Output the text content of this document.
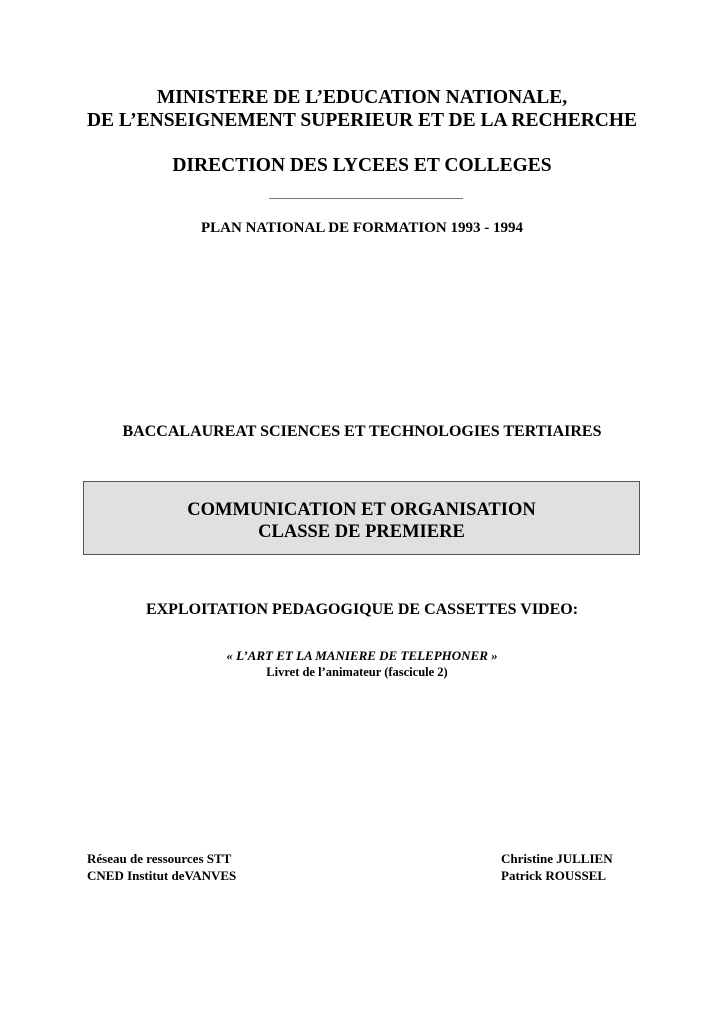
MINISTERE DE L’EDUCATION NATIONALE,
DE L’ENSEIGNEMENT SUPERIEUR ET DE LA RECHERCHE
DIRECTION DES LYCEES ET COLLEGES
PLAN NATIONAL DE FORMATION 1993 - 1994
BACCALAUREAT SCIENCES ET TECHNOLOGIES TERTIAIRES
COMMUNICATION ET ORGANISATION
CLASSE DE PREMIERE
EXPLOITATION PEDAGOGIQUE DE CASSETTES VIDEO:
« L’ART ET LA MANIERE DE TELEPHONER »
Livret de l’animateur (fascicule 2)
Réseau de ressources STT
CNED Institut deVANVES
Christine JULLIEN
Patrick ROUSSEL
